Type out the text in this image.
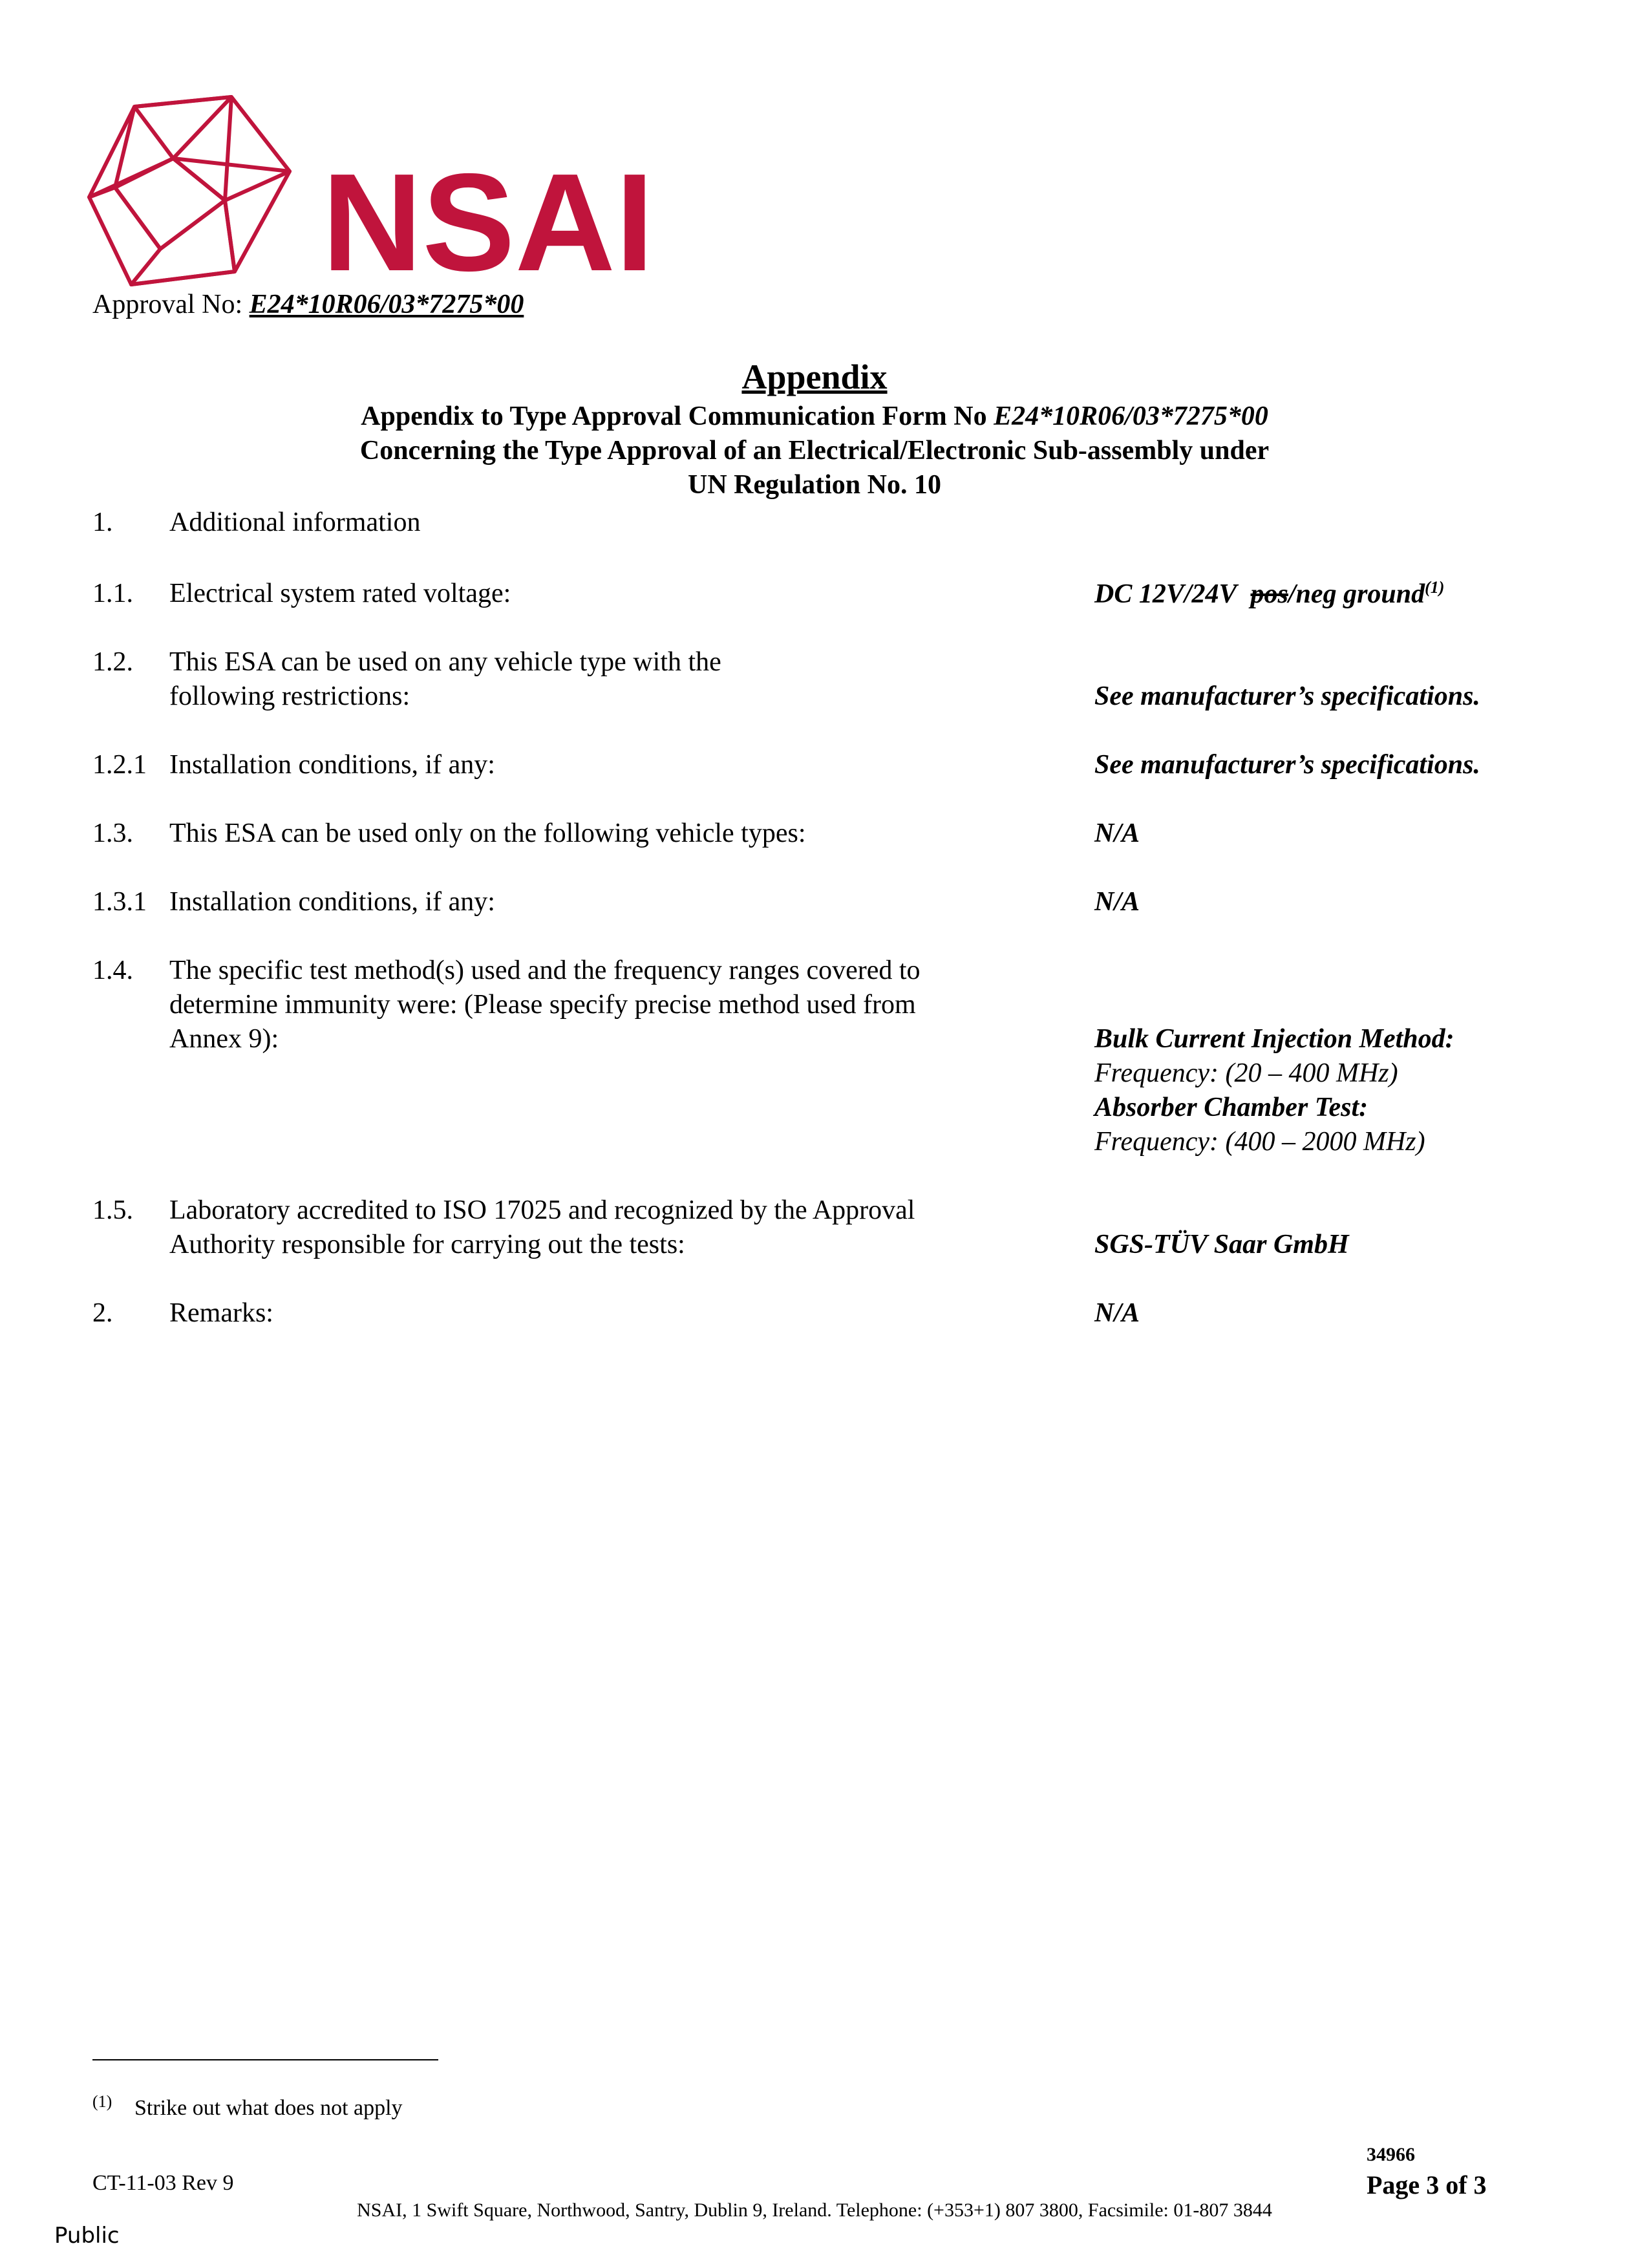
NSAI
Approval No: E24*10R06/03*7275*00
Appendix
Appendix to Type Approval Communication Form No E24*10R06/03*7275*00
Concerning the Type Approval of an Electrical/Electronic Sub-assembly under
UN Regulation No. 10
1. Additional information
1.1. Electrical system rated voltage:	DC 12V/24V pos/neg ground$^{(1)}$
1.2. This ESA can be used on any vehicle type with the
following restrictions:	See manufacturer’s specifications.
1.2.1 Installation conditions, if any:	See manufacturer’s specifications.
1.3. This ESA can be used only on the following vehicle types:	N/A
1.3.1 Installation conditions, if any:	N/A
1.4. The specific test method(s) used and the frequency ranges covered to
determine immunity were: (Please specify precise method used from
Annex 9):	Bulk Current Injection Method:
Frequency: (20 – 400 MHz)
Absorber Chamber Test:
Frequency: (400 – 2000 MHz)
1.5. Laboratory accredited to ISO 17025 and recognized by the Approval
Authority responsible for carrying out the tests:	SGS-TÜV Saar GmbH
2. Remarks:	N/A
(1) Strike out what does not apply
CT-11-03 Rev 9
34966
Page 3 of 3
NSAI, 1 Swift Square, Northwood, Santry, Dublin 9, Ireland. Telephone: (+353+1) 807 3800, Facsimile: 01-807 3844
Public
